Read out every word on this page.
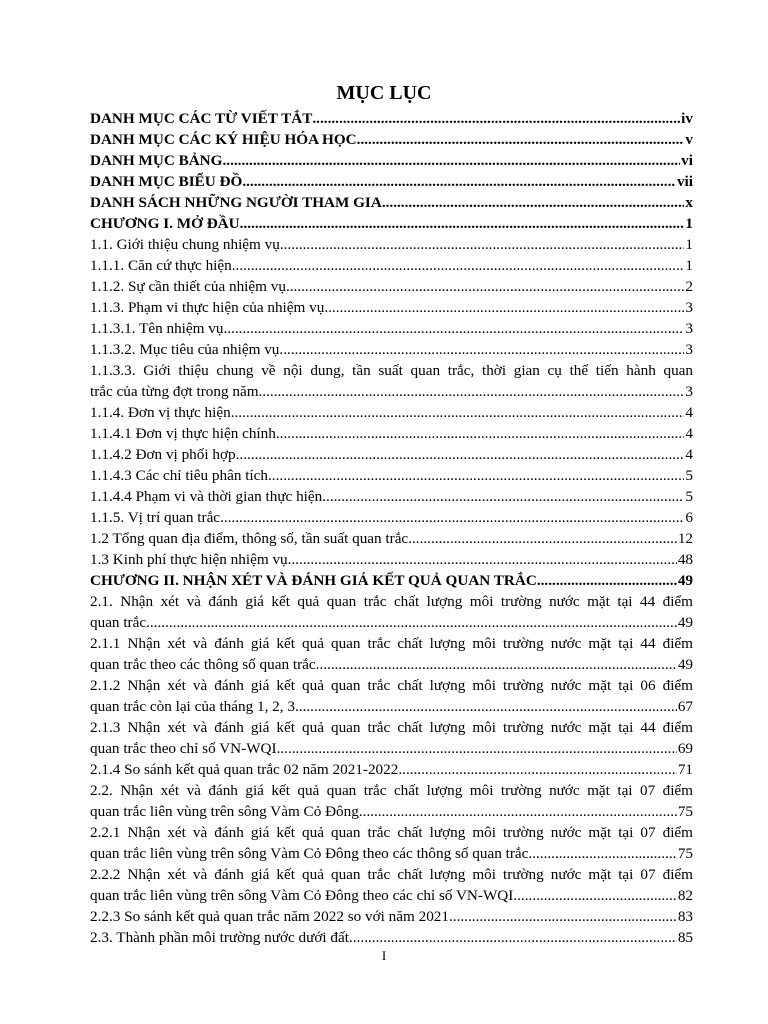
MỤC LỤC
DANH MỤC CÁC TỪ VIẾT TẮT .....	iv
DANH MỤC CÁC KÝ HIỆU HÓA HỌC .....	v
DANH MỤC BẢNG .....	vi
DANH MỤC BIỂU ĐỒ .....	vii
DANH SÁCH NHỮNG NGƯỜI THAM GIA .....	x
CHƯƠNG I. MỞ ĐẦU .....	1
1.1. Giới thiệu chung nhiệm vụ .....	1
1.1.1. Căn cứ thực hiện .....	1
1.1.2. Sự cần thiết của nhiệm vụ .....	2
1.1.3. Phạm vi thực hiện của nhiệm vụ .....	3
1.1.3.1. Tên nhiệm vụ .....	3
1.1.3.2. Mục tiêu của nhiệm vụ .....	3
1.1.3.3. Giới thiệu chung về nội dung, tần suất quan trắc, thời gian cụ thể tiến hành quan
trắc của từng đợt trong năm. .....	3
1.1.4. Đơn vị thực hiện .....	4
1.1.4.1 Đơn vị thực hiện chính .....	4
1.1.4.2 Đơn vị phối hợp .....	4
1.1.4.3 Các chỉ tiêu phân tích .....	5
1.1.4.4 Phạm vi và thời gian thực hiện .....	5
1.1.5. Vị trí quan trắc .....	6
1.2 Tổng quan địa điểm, thông số, tần suất quan trắc .....	12
1.3 Kinh phí thực hiện nhiệm vụ .....	48
CHƯƠNG II. NHẬN XÉT VÀ ĐÁNH GIÁ KẾT QUẢ QUAN TRẮC .....	49
2.1. Nhận xét và đánh giá kết quả quan trắc chất lượng môi trường nước mặt tại 44 điểm
quan trắc .....	49
2.1.1 Nhận xét và đánh giá kết quả quan trắc chất lượng môi trường nước mặt tại 44 điểm
quan trắc theo các thông số quan trắc. .....	49
2.1.2 Nhận xét và đánh giá kết quả quan trắc chất lượng môi trường nước mặt tại 06 điểm
quan trắc còn lại của tháng 1, 2, 3. .....	67
2.1.3 Nhận xét và đánh giá kết quả quan trắc chất lượng môi trường nước mặt tại 44 điểm
quan trắc theo chỉ số VN-WQI .....	69
2.1.4 So sánh kết quả quan trắc 02 năm 2021-2022. .....	71
2.2. Nhận xét và đánh giá kết quả quan trắc chất lượng môi trường nước mặt tại 07 điểm
quan trắc liên vùng trên sông Vàm Cỏ Đông .....	75
2.2.1 Nhận xét và đánh giá kết quả quan trắc chất lượng môi trường nước mặt tại 07 điểm
quan trắc liên vùng trên sông Vàm Cỏ Đông theo các thông số quan trắc .....	75
2.2.2 Nhận xét và đánh giá kết quả quan trắc chất lượng môi trường nước mặt tại 07 điểm
quan trắc liên vùng trên sông Vàm Cỏ Đông theo các chỉ số VN-WQI .....	82
2.2.3 So sánh kết quả quan trắc năm 2022 so với năm 2021 .....	83
2.3. Thành phần môi trường nước dưới đất .....	85
I
